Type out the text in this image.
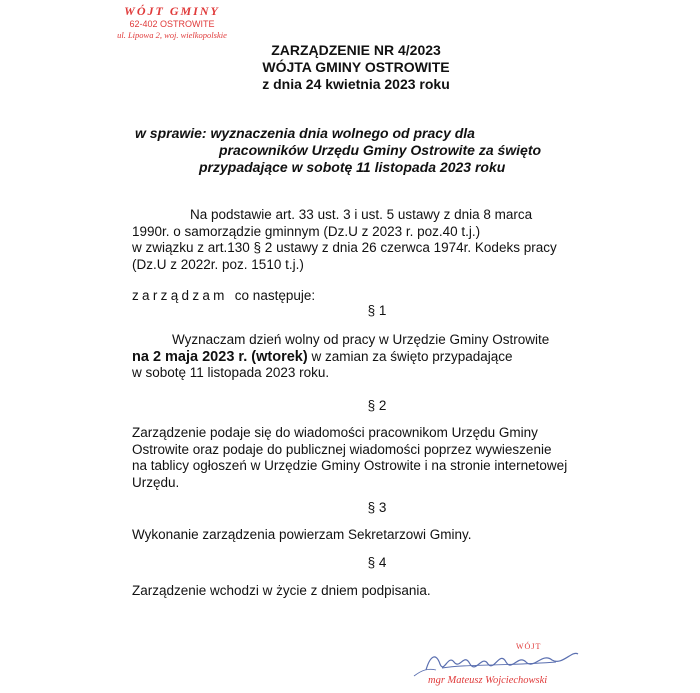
WÓJT GMINY
62-402 OSTROWITE
ul. Lipowa 2, woj. wielkopolskie
ZARZĄDZENIE NR 4/2023
WÓJTA GMINY OSTROWITE
z dnia 24 kwietnia 2023 roku
w sprawie: wyznaczenia dnia wolnego od pracy dla
pracowników Urzędu Gminy Ostrowite za święto
przypadające w sobotę 11 listopada 2023 roku
Na podstawie art. 33 ust. 3 i ust. 5 ustawy z dnia 8 marca
1990r. o samorządzie gminnym (Dz.U z 2023 r. poz.40 t.j.)
w związku z art.130 § 2 ustawy z dnia 26 czerwca 1974r. Kodeks pracy
(Dz.U z 2022r. poz. 1510 t.j.)
zarządzam co następuje:
§ 1
Wyznaczam dzień wolny od pracy w Urzędzie Gminy Ostrowite
na 2 maja 2023 r. (wtorek) w zamian za święto przypadające
w sobotę 11 listopada 2023 roku.
§ 2
Zarządzenie podaje się do wiadomości pracownikom Urzędu Gminy
Ostrowite oraz podaje do publicznej wiadomości poprzez wywieszenie
na tablicy ogłoszeń w Urzędzie Gminy Ostrowite i na stronie internetowej
Urzędu.
§ 3
Wykonanie zarządzenia powierzam Sekretarzowi Gminy.
§ 4
Zarządzenie wchodzi w życie z dniem podpisania.
WÓJT
mgr Mateusz Wojciechowski
